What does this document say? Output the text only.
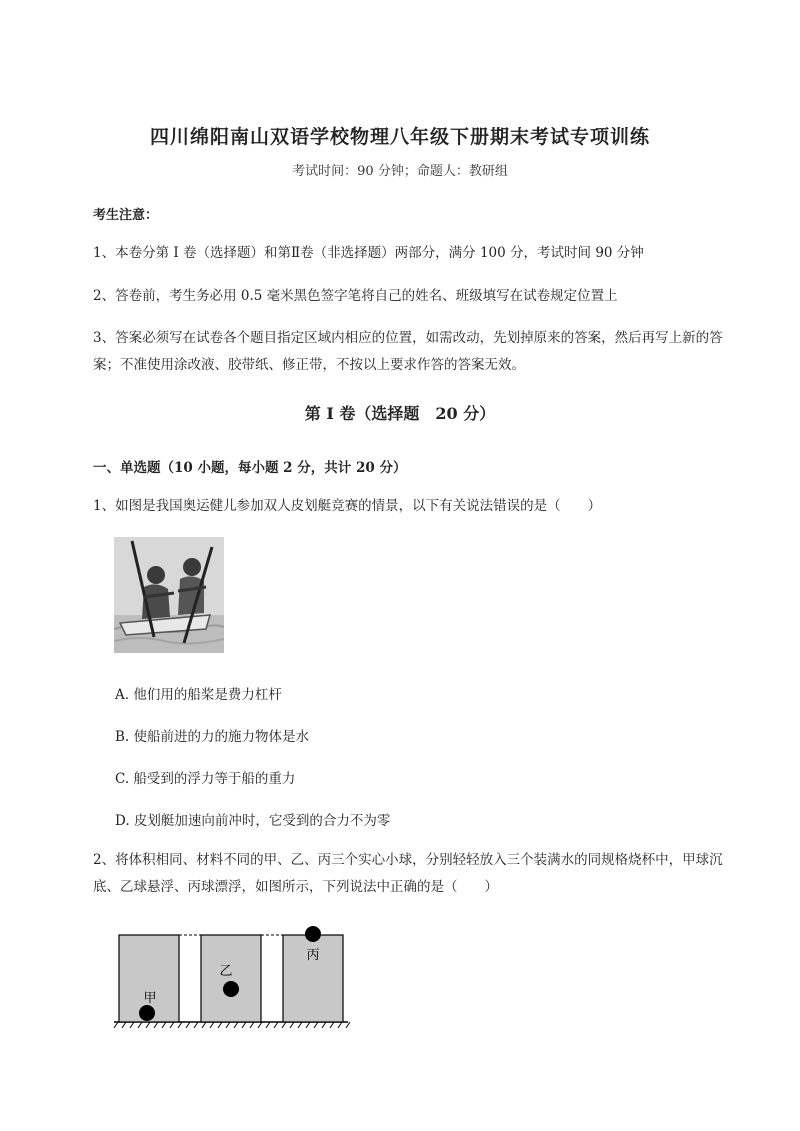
四川绵阳南山双语学校物理八年级下册期末考试专项训练
考试时间：90 分钟；命题人：教研组
考生注意：
1、本卷分第 I 卷（选择题）和第Ⅱ卷（非选择题）两部分，满分 100 分，考试时间 90 分钟
2、答卷前，考生务必用 0.5 毫米黑色签字笔将自己的姓名、班级填写在试卷规定位置上
3、答案必须写在试卷各个题目指定区域内相应的位置，如需改动，先划掉原来的答案，然后再写上新的答案；不准使用涂改液、胶带纸、修正带，不按以上要求作答的答案无效。
第 I 卷（选择题　20 分）
一、单选题（10 小题，每小题 2 分，共计 20 分）
1、如图是我国奥运健儿参加双人皮划艇竞赛的情景，以下有关说法错误的是（　　）
A. 他们用的船桨是费力杠杆
B. 使船前进的力的施力物体是水
C. 船受到的浮力等于船的重力
D. 皮划艇加速向前冲时，它受到的合力不为零
2、将体积相同、材料不同的甲、乙、丙三个实心小球，分别轻轻放入三个装满水的同规格烧杯中，甲球沉底、乙球悬浮、丙球漂浮，如图所示，下列说法中正确的是（　　）
甲
乙
丙
